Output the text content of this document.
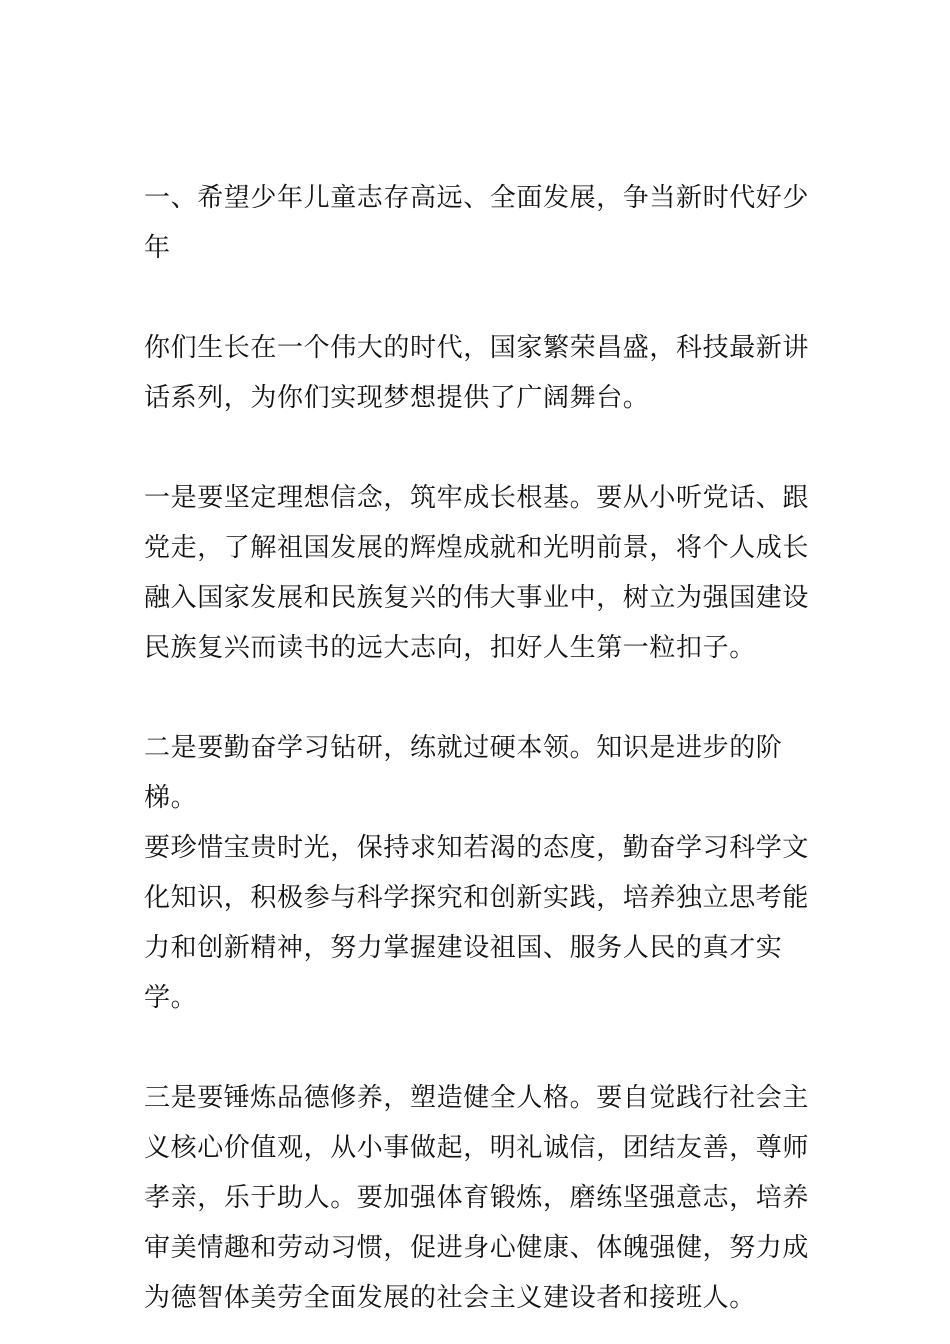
一、希望少年儿童志存高远、全面发展，争当新时代好少
年

你们生长在一个伟大的时代，国家繁荣昌盛，科技最新讲
话系列，为你们实现梦想提供了广阔舞台。

一是要坚定理想信念，筑牢成长根基。要从小听党话、跟
党走，了解祖国发展的辉煌成就和光明前景，将个人成长
融入国家发展和民族复兴的伟大事业中，树立为强国建设
民族复兴而读书的远大志向，扣好人生第一粒扣子。

二是要勤奋学习钻研，练就过硬本领。知识是进步的阶梯。
要珍惜宝贵时光，保持求知若渴的态度，勤奋学习科学文
化知识，积极参与科学探究和创新实践，培养独立思考能
力和创新精神，努力掌握建设祖国、服务人民的真才实学。

三是要锤炼品德修养，塑造健全人格。要自觉践行社会主
义核心价值观，从小事做起，明礼诚信，团结友善，尊师
孝亲，乐于助人。要加强体育锻炼，磨练坚强意志，培养
审美情趣和劳动习惯，促进身心健康、体魄强健，努力成
为德智体美劳全面发展的社会主义建设者和接班人。
